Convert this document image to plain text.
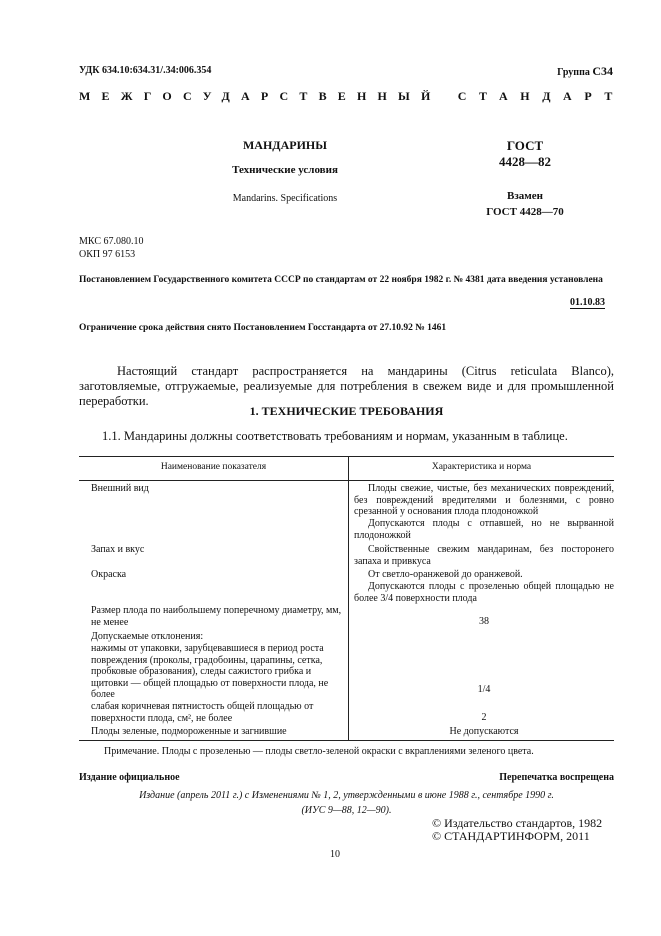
УДК 634.10:634.31/.34:006.354	Группа С34
МЕЖГОСУДАРСТВЕННЫЙ СТАНДАРТ
МАНДАРИНЫ
Технические условия
Mandarins. Specifications
ГОСТ
4428—82
Взамен
ГОСТ 4428—70
МКС 67.080.10
ОКП 97 6153
Постановлением Государственного комитета СССР по стандартам от 22 ноября 1982 г. № 4381 дата введения установлена
01.10.83
Ограничение срока действия снято Постановлением Госстандарта от 27.10.92 № 1461
Настоящий стандарт распространяется на мандарины (Citrus reticulata Blanco), заготовляемые, отгружаемые, реализуемые для потребления в свежем виде и для промышленной переработки.
1. ТЕХНИЧЕСКИЕ ТРЕБОВАНИЯ
1.1. Мандарины должны соответствовать требованиям и нормам, указанным в таблице.
Наименование показателя	Характеристика и норма
Внешний вид	Плоды свежие, чистые, без механических повреждений, без повреждений вредителями и болезнями, с ровно срезанной у основания плода плодоножкой
Допускаются плоды с отпавшей, но не вырванной плодоножкой
Запах и вкус	Свойственные свежим мандаринам, без посторонего запаха и привкуса
Окраска	От светло-оранжевой до оранжевой.
Допускаются плоды с прозеленью общей площадью не более 3/4 поверхности плода
Размер плода по наибольшему поперечному диаметру, мм, не менее	38
Допускаемые отклонения:
нажимы от упаковки, зарубцевавшиеся в период роста повреждения (проколы, градобоины, царапины, сетка, пробковые образования), следы сажистого грибка и щитовки — общей площадью от поверхности плода, не более	1/4
слабая коричневая пятнистость общей площадью от поверхности плода, см², не более	2
Плоды зеленые, подмороженные и загнившие	Не допускаются
Примечание. Плоды с прозеленью — плоды светло-зеленой окраски с вкраплениями зеленого цвета.
Издание официальное	Перепечатка воспрещена
Издание (апрель 2011 г.) с Изменениями № 1, 2, утвержденными в июне 1988 г., сентябре 1990 г.
(ИУС 9—88, 12—90).
© Издательство стандартов, 1982
© СТАНДАРТИНФОРМ, 2011
10
